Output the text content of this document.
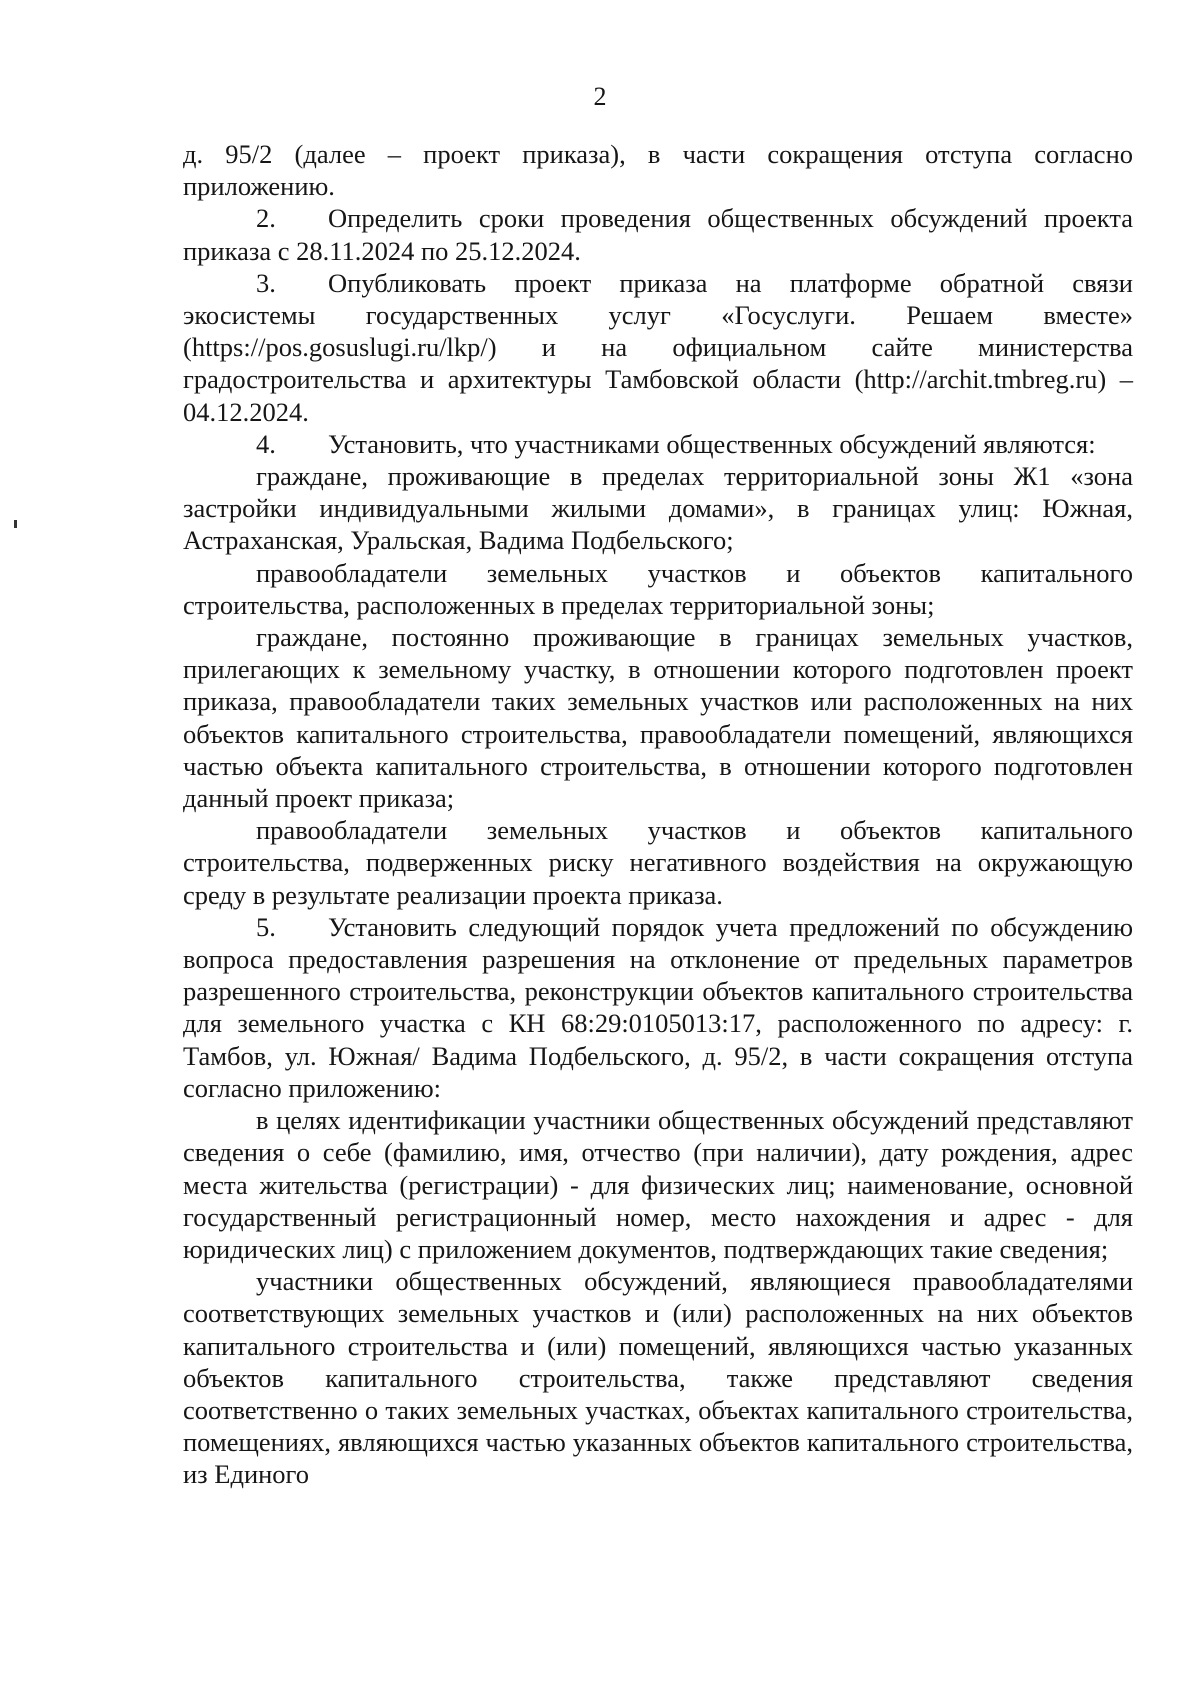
2

д. 95/2 (далее – проект приказа), в части сокращения отступа согласно приложению.

2. Определить сроки проведения общественных обсуждений проекта приказа с 28.11.2024 по 25.12.2024.

3. Опубликовать проект приказа на платформе обратной связи экосистемы государственных услуг «Госуслуги. Решаем вместе» (https://pos.gosuslugi.ru/lkp/) и на официальном сайте министерства градостроительства и архитектуры Тамбовской области (http://archit.tmbreg.ru) – 04.12.2024.

4. Установить, что участниками общественных обсуждений являются:

граждане, проживающие в пределах территориальной зоны Ж1 «зона застройки индивидуальными жилыми домами», в границах улиц: Южная, Астраханская, Уральская, Вадима Подбельского;

правообладатели земельных участков и объектов капитального строительства, расположенных в пределах территориальной зоны;

граждане, постоянно проживающие в границах земельных участков, прилегающих к земельному участку, в отношении которого подготовлен проект приказа, правообладатели таких земельных участков или расположенных на них объектов капитального строительства, правообладатели помещений, являющихся частью объекта капитального строительства, в отношении которого подготовлен данный проект приказа;

правообладатели земельных участков и объектов капитального строительства, подверженных риску негативного воздействия на окружающую среду в результате реализации проекта приказа.

5. Установить следующий порядок учета предложений по обсуждению вопроса предоставления разрешения на отклонение от предельных параметров разрешенного строительства, реконструкции объектов капитального строительства для земельного участка с КН 68:29:0105013:17, расположенного по адресу: г. Тамбов, ул. Южная/ Вадима Подбельского, д. 95/2, в части сокращения отступа согласно приложению:

в целях идентификации участники общественных обсуждений представляют сведения о себе (фамилию, имя, отчество (при наличии), дату рождения, адрес места жительства (регистрации) - для физических лиц; наименование, основной государственный регистрационный номер, место нахождения и адрес - для юридических лиц) с приложением документов, подтверждающих такие сведения;

участники общественных обсуждений, являющиеся правообладателями соответствующих земельных участков и (или) расположенных на них объектов капитального строительства и (или) помещений, являющихся частью указанных объектов капитального строительства, также представляют сведения соответственно о таких земельных участках, объектах капитального строительства, помещениях, являющихся частью указанных объектов капитального строительства, из Единого
